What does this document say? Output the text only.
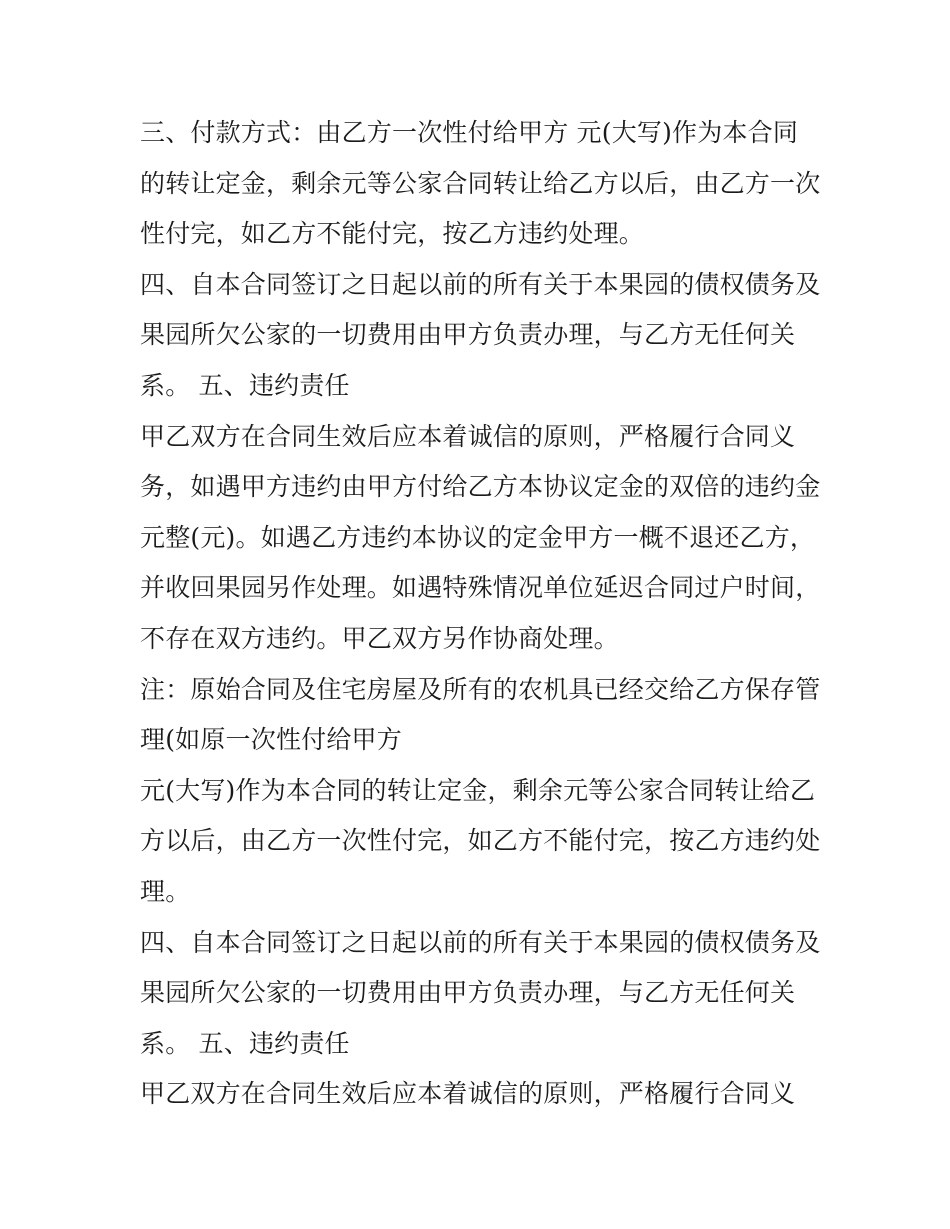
三、付款方式：由乙方一次性付给甲方 元(大写)作为本合同
的转让定金，剩余元等公家合同转让给乙方以后，由乙方一次
性付完，如乙方不能付完，按乙方违约处理。
四、自本合同签订之日起以前的所有关于本果园的债权债务及
果园所欠公家的一切费用由甲方负责办理，与乙方无任何关
系。 五、违约责任
甲乙双方在合同生效后应本着诚信的原则，严格履行合同义
务，如遇甲方违约由甲方付给乙方本协议定金的双倍的违约金
元整(元)。如遇乙方违约本协议的定金甲方一概不退还乙方，
并收回果园另作处理。如遇特殊情况单位延迟合同过户时间，
不存在双方违约。甲乙双方另作协商处理。
注：原始合同及住宅房屋及所有的农机具已经交给乙方保存管
理(如原一次性付给甲方
元(大写)作为本合同的转让定金，剩余元等公家合同转让给乙
方以后，由乙方一次性付完，如乙方不能付完，按乙方违约处
理。
四、自本合同签订之日起以前的所有关于本果园的债权债务及
果园所欠公家的一切费用由甲方负责办理，与乙方无任何关
系。 五、违约责任
甲乙双方在合同生效后应本着诚信的原则，严格履行合同义
